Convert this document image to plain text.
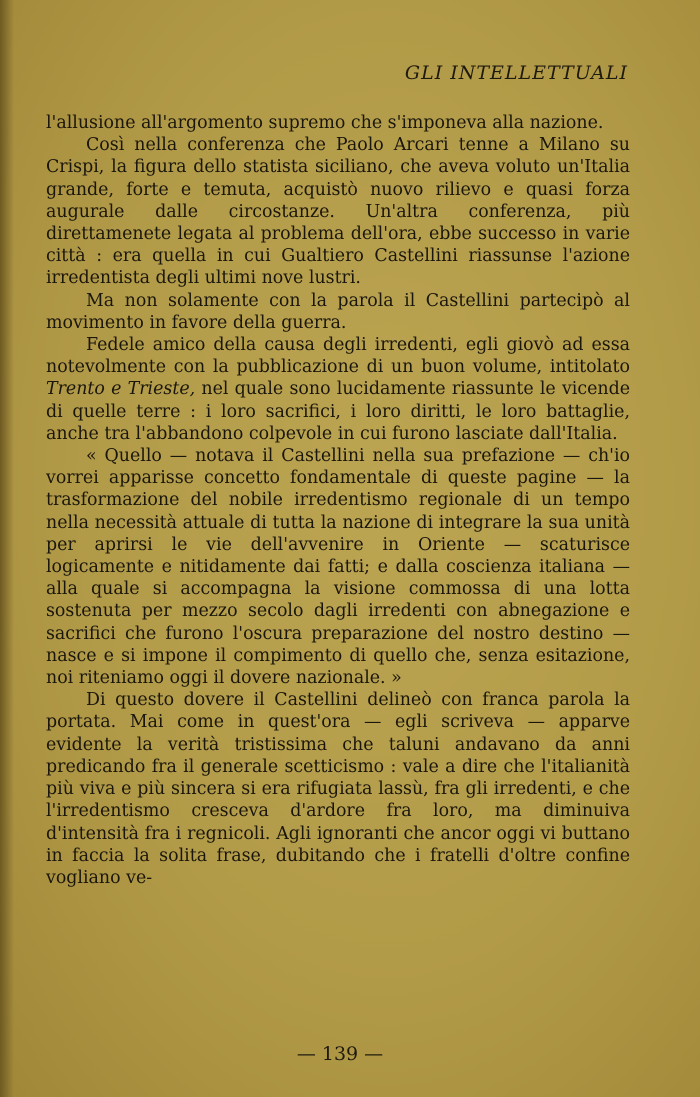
GLI INTELLETTUALI

l'allusione all'argomento supremo che s'imponeva alla nazione.

Così nella conferenza che Paolo Arcari tenne a Milano su Crispi, la figura dello statista siciliano, che aveva voluto un'Italia grande, forte e temuta, acquistò nuovo rilievo e quasi forza augurale dalle circostanze. Un'altra conferenza, più direttamenete legata al problema dell'ora, ebbe successo in varie città : era quella in cui Gualtiero Castellini riassunse l'azione irredentista degli ultimi nove lustri.

Ma non solamente con la parola il Castellini partecipò al movimento in favore della guerra.

Fedele amico della causa degli irredenti, egli giovò ad essa notevolmente con la pubblicazione di un buon volume, intitolato Trento e Trieste, nel quale sono lucidamente riassunte le vicende di quelle terre : i loro sacrifici, i loro diritti, le loro battaglie, anche tra l'abbandono colpevole in cui furono lasciate dall'Italia.

« Quello — notava il Castellini nella sua prefazione — ch'io vorrei apparisse concetto fondamentale di queste pagine — la trasformazione del nobile irredentismo regionale di un tempo nella necessità attuale di tutta la nazione di integrare la sua unità per aprirsi le vie dell'avvenire in Oriente — scaturisce logicamente e nitidamente dai fatti; e dalla coscienza italiana — alla quale si accompagna la visione commossa di una lotta sostenuta per mezzo secolo dagli irredenti con abnegazione e sacrifici che furono l'oscura preparazione del nostro destino — nasce e si impone il compimento di quello che, senza esitazione, noi riteniamo oggi il dovere nazionale. »

Di questo dovere il Castellini delineò con franca parola la portata. Mai come in quest'ora — egli scriveva — apparve evidente la verità tristissima che taluni andavano da anni predicando fra il generale scetticismo : vale a dire che l'italianità più viva e più sincera si era rifugiata lassù, fra gli irredenti, e che l'irredentismo cresceva d'ardore fra loro, ma diminuiva d'intensità fra i regnicoli. Agli ignoranti che ancor oggi vi buttano in faccia la solita frase, dubitando che i fratelli d'oltre confine vogliano ve-

— 139 —
